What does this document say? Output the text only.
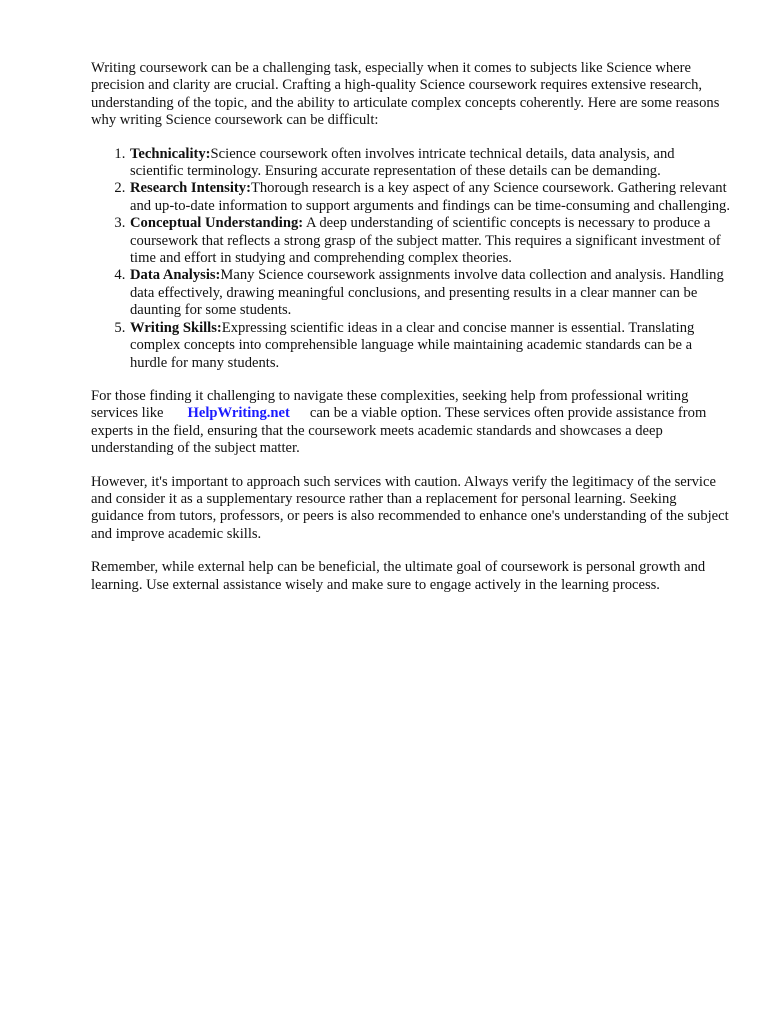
Writing coursework can be a challenging task, especially when it comes to subjects like Science where precision and clarity are crucial. Crafting a high-quality Science coursework requires extensive research, understanding of the topic, and the ability to articulate complex concepts coherently. Here are some reasons why writing Science coursework can be difficult:

1. Technicality:Science coursework often involves intricate technical details, data analysis, and scientific terminology. Ensuring accurate representation of these details can be demanding.
2. Research Intensity:Thorough research is a key aspect of any Science coursework. Gathering relevant and up-to-date information to support arguments and findings can be time-consuming and challenging.
3. Conceptual Understanding: A deep understanding of scientific concepts is necessary to produce a coursework that reflects a strong grasp of the subject matter. This requires a significant investment of time and effort in studying and comprehending complex theories.
4. Data Analysis:Many Science coursework assignments involve data collection and analysis. Handling data effectively, drawing meaningful conclusions, and presenting results in a clear manner can be daunting for some students.
5. Writing Skills:Expressing scientific ideas in a clear and concise manner is essential. Translating complex concepts into comprehensible language while maintaining academic standards can be a hurdle for many students.

For those finding it challenging to navigate these complexities, seeking help from professional writing services like HelpWriting.net can be a viable option. These services often provide assistance from experts in the field, ensuring that the coursework meets academic standards and showcases a deep understanding of the subject matter.

However, it's important to approach such services with caution. Always verify the legitimacy of the service and consider it as a supplementary resource rather than a replacement for personal learning. Seeking guidance from tutors, professors, or peers is also recommended to enhance one's understanding of the subject and improve academic skills.

Remember, while external help can be beneficial, the ultimate goal of coursework is personal growth and learning. Use external assistance wisely and make sure to engage actively in the learning process.
